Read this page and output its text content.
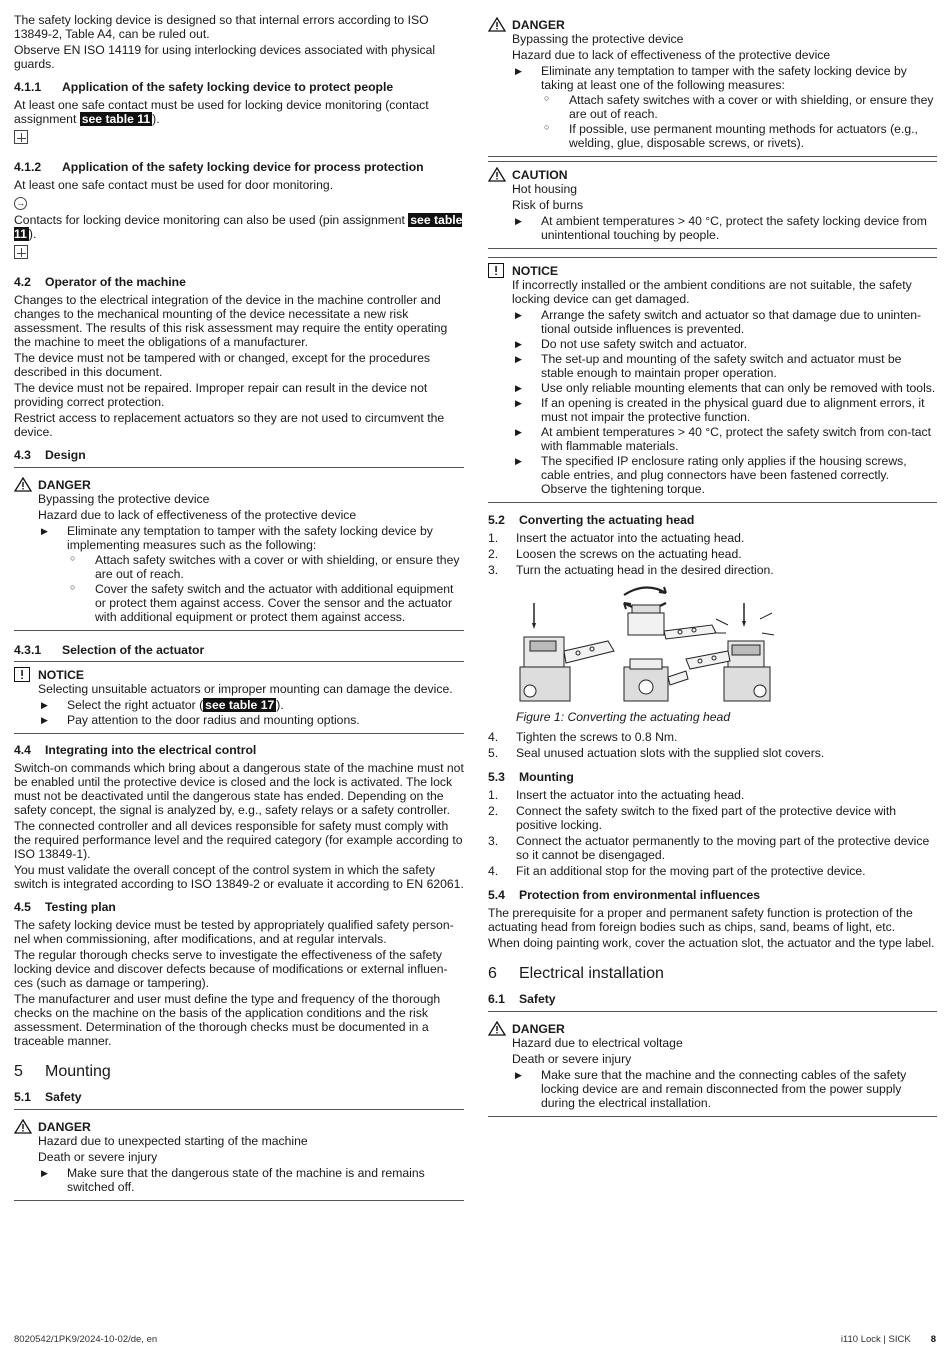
The safety locking device is designed so that internal errors according to ISO 13849-2, Table A4, can be ruled out.

Observe EN ISO 14119 for using interlocking devices associated with physical guards.

4.1.1	Application of the safety locking device to protect people

At least one safe contact must be used for locking device monitoring (contact assignment see table 11 ).

4.1.2	Application of the safety locking device for process protection

At least one safe contact must be used for door monitoring.

→

Contacts for locking device monitoring can also be used (pin assignment see table 11 ).

4.2	Operator of the machine

Changes to the electrical integration of the device in the machine controller and changes to the mechanical mounting of the device necessitate a new risk assessment. The results of this risk assessment may require the entity operating the machine to meet the obligations of a manufacturer.

The device must not be tampered with or changed, except for the procedures described in this document.

The device must not be repaired. Improper repair can result in the device not providing correct protection.

Restrict access to replacement actuators so they are not used to circumvent the device.

4.3	Design
DANGER

Bypassing the protective device

Hazard due to lack of effectiveness of the protective device

▶	Eliminate any temptation to tamper with the safety locking device by implementing measures such as the following:
○	Attach safety switches with a cover or with shielding, or ensure they are out of reach.
○	Cover the safety switch and the actuator with additional equipment or protect them against access. Cover the sensor and the actuator with additional equipment or protect them against access.
4.3.1	Selection of the actuator
NOTICE

Selecting unsuitable actuators or improper mounting can damage the device.

▶	Select the right actuator ( see table 17 ).
▶	Pay attention to the door radius and mounting options.
4.4	Integrating into the electrical control

Switch-on commands which bring about a dangerous state of the machine must not be enabled until the protective device is closed and the lock is activated. The lock must not be deactivated until the dangerous state has ended. Depending on the safety concept, the signal is analyzed by, e.g., safety relays or a safety controller.

The connected controller and all devices responsible for safety must comply with the required performance level and the required category (for example according to ISO 13849-1).

You must validate the overall concept of the control system in which the safety switch is integrated according to ISO 13849-2 or evaluate it according to EN 62061.

4.5	Testing plan

The safety locking device must be tested by appropriately qualified safety person-nel when commissioning, after modifications, and at regular intervals.

The regular thorough checks serve to investigate the effectiveness of the safety locking device and discover defects because of modifications or external influen-ces (such as damage or tampering).

The manufacturer and user must define the type and frequency of the thorough checks on the machine on the basis of the application conditions and the risk assessment. Determination of the thorough checks must be documented in a traceable manner.

5	Mounting
5.1	Safety
DANGER

Hazard due to unexpected starting of the machine

Death or severe injury

▶	Make sure that the dangerous state of the machine is and remains switched off.
DANGER

Bypassing the protective device

Hazard due to lack of effectiveness of the protective device

▶	Eliminate any temptation to tamper with the safety locking device by taking at least one of the following measures:
○	Attach safety switches with a cover or with shielding, or ensure they are out of reach.
○	If possible, use permanent mounting methods for actuators (e.g., welding, glue, disposable screws, or rivets).
CAUTION

Hot housing

Risk of burns

▶	At ambient temperatures > 40 °C, protect the safety locking device from unintentional touching by people.
NOTICE

If incorrectly installed or the ambient conditions are not suitable, the safety locking device can get damaged.

▶	Arrange the safety switch and actuator so that damage due to uninten-tional outside influences is prevented.
▶	Do not use safety switch and actuator.
▶	The set-up and mounting of the safety switch and actuator must be stable enough to maintain proper operation.
▶	Use only reliable mounting elements that can only be removed with tools.
▶	If an opening is created in the physical guard due to alignment errors, it must not impair the protective function.
▶	At ambient temperatures > 40 °C, protect the safety switch from con-tact with flammable materials.
▶	The specified IP enclosure rating only applies if the housing screws, cable entries, and plug connectors have been fastened correctly. Observe the tightening torque.
5.2	Converting the actuating head
1.	Insert the actuator into the actuating head.
2.	Loosen the screws on the actuating head.
3.	Turn the actuating head in the desired direction.

Figure 1: Converting the actuating head

4.	Tighten the screws to 0.8 Nm.
5.	Seal unused actuation slots with the supplied slot covers.
5.3	Mounting
1.	Insert the actuator into the actuating head.
2.	Connect the safety switch to the fixed part of the protective device with positive locking.
3.	Connect the actuator permanently to the moving part of the protective device so it cannot be disengaged.
4.	Fit an additional stop for the moving part of the protective device.
5.4	Protection from environmental influences

The prerequisite for a proper and permanent safety function is protection of the actuating head from foreign bodies such as chips, sand, beams of light, etc.

When doing painting work, cover the actuation slot, the actuator and the type label.

6	Electrical installation
6.1	Safety
DANGER

Hazard due to electrical voltage

Death or severe injury

▶	Make sure that the machine and the connecting cables of the safety locking device are and remain disconnected from the power supply during the electrical installation.
8020542/1PK9/2024-10-02/de, en	i110 Lock | SICK 8
